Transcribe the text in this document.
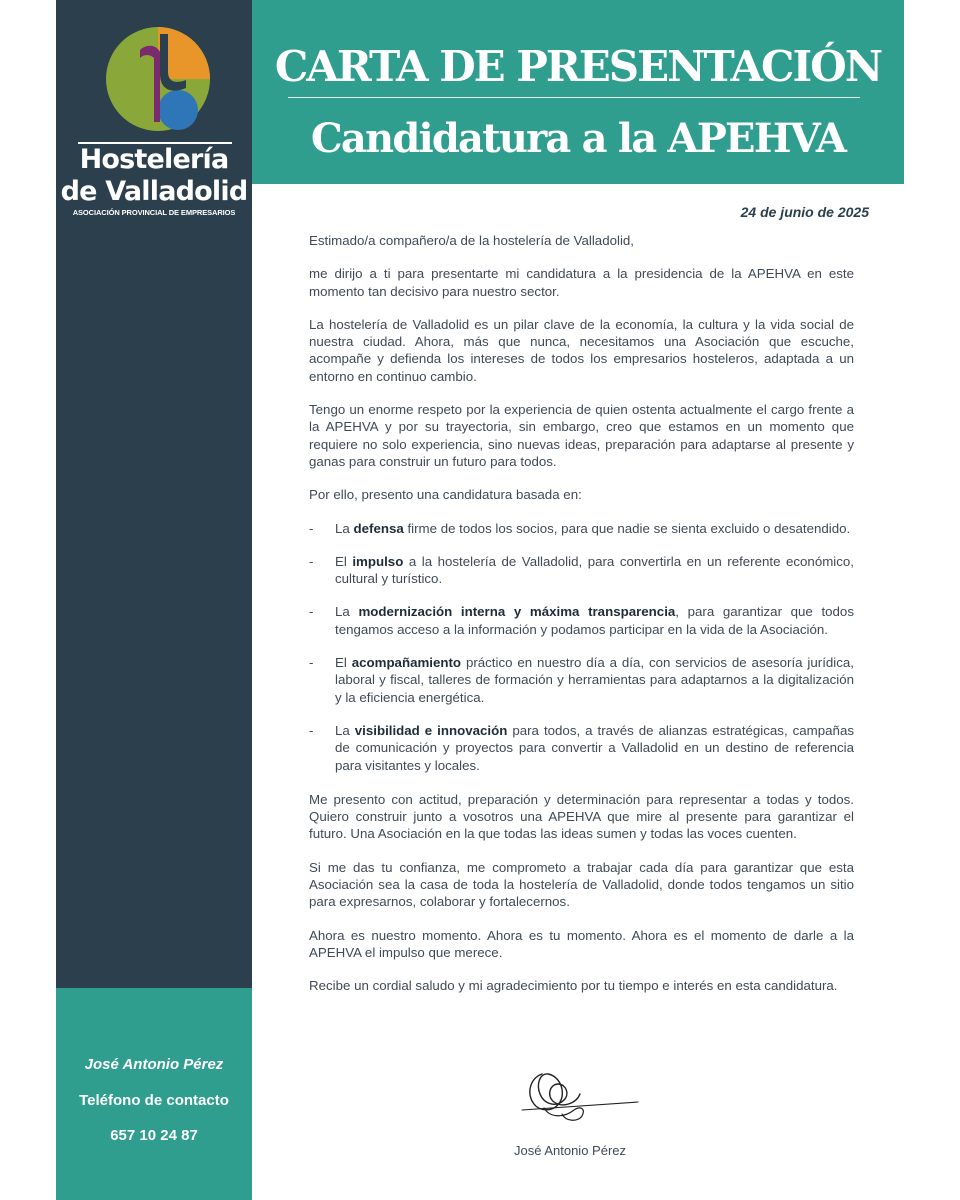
Hostelería
de Valladolid
ASOCIACIÓN PROVINCIAL DE EMPRESARIOS
José Antonio Pérez
Teléfono de contacto
657 10 24 87
CARTA DE PRESENTACIÓN
Candidatura a la APEHVA
24 de junio de 2025

Estimado/a compañero/a de la hostelería de Valladolid,

me dirijo a ti para presentarte mi candidatura a la presidencia de la APEHVA en este momento tan decisivo para nuestro sector.

La hostelería de Valladolid es un pilar clave de la economía, la cultura y la vida social de nuestra ciudad. Ahora, más que nunca, necesitamos una Asociación que escuche, acompañe y defienda los intereses de todos los empresarios hosteleros, adaptada a un entorno en continuo cambio.

Tengo un enorme respeto por la experiencia de quien ostenta actualmente el cargo frente a la APEHVA y por su trayectoria, sin embargo, creo que estamos en un momento que requiere no solo experiencia, sino nuevas ideas, preparación para adaptarse al presente y ganas para construir un futuro para todos.

Por ello, presento una candidatura basada en:

- La defensa firme de todos los socios, para que nadie se sienta excluido o desatendido.
- El impulso a la hostelería de Valladolid, para convertirla en un referente económico, cultural y turístico.
- La modernización interna y máxima transparencia, para garantizar que todos tengamos acceso a la información y podamos participar en la vida de la Asociación.
- El acompañamiento práctico en nuestro día a día, con servicios de asesoría jurídica, laboral y fiscal, talleres de formación y herramientas para adaptarnos a la digitalización y la eficiencia energética.
- La visibilidad e innovación para todos, a través de alianzas estratégicas, campañas de comunicación y proyectos para convertir a Valladolid en un destino de referencia para visitantes y locales.

Me presento con actitud, preparación y determinación para representar a todas y todos. Quiero construir junto a vosotros una APEHVA que mire al presente para garantizar el futuro. Una Asociación en la que todas las ideas sumen y todas las voces cuenten.

Si me das tu confianza, me comprometo a trabajar cada día para garantizar que esta Asociación sea la casa de toda la hostelería de Valladolid, donde todos tengamos un sitio para expresarnos, colaborar y fortalecernos.

Ahora es nuestro momento. Ahora es tu momento. Ahora es el momento de darle a la APEHVA el impulso que merece.

Recibe un cordial saludo y mi agradecimiento por tu tiempo e interés en esta candidatura.

José Antonio Pérez
